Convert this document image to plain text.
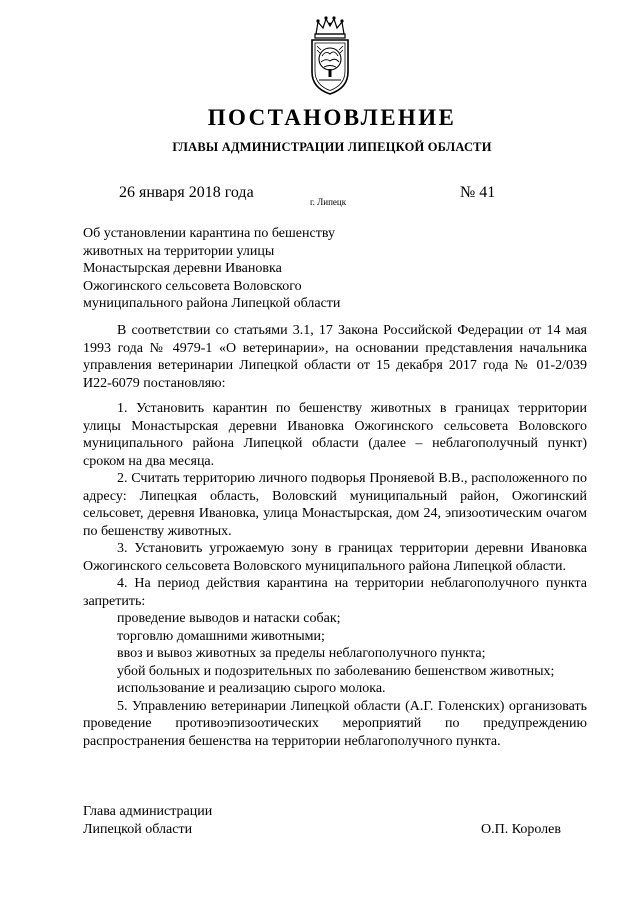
ПОСТАНОВЛЕНИЕ
ГЛАВЫ АДМИНИСТРАЦИИ ЛИПЕЦКОЙ ОБЛАСТИ
26 января 2018 года
г. Липецк
№ 41
Об установлении карантина по бешенству
животных на территории улицы
Монастырская деревни Ивановка
Ожогинского сельсовета Воловского
муниципального района Липецкой области

В соответствии со статьями 3.1, 17 Закона Российской Федерации от 14 мая 1993 года № 4979-1 «О ветеринарии», на основании представления начальника управления ветеринарии Липецкой области от 15 декабря 2017 года № 01-2/039 И22-6079 постановляю:

1. Установить карантин по бешенству животных в границах территории улицы Монастырская деревни Ивановка Ожогинского сельсовета Воловского муниципального района Липецкой области (далее – неблагополучный пункт) сроком на два месяца.

2. Считать территорию личного подворья Проняевой В.В., расположенного по адресу: Липецкая область, Воловский муниципальный район, Ожогинский сельсовет, деревня Ивановка, улица Монастырская, дом 24, эпизоотическим очагом по бешенству животных.

3. Установить угрожаемую зону в границах территории деревни Ивановка Ожогинского сельсовета Воловского муниципального района Липецкой области.

4. На период действия карантина на территории неблагополучного пункта запретить:

проведение выводов и натаски собак;

торговлю домашними животными;

ввоз и вывоз животных за пределы неблагополучного пункта;

убой больных и подозрительных по заболеванию бешенством животных;

использование и реализацию сырого молока.

5. Управлению ветеринарии Липецкой области (А.Г. Голенских) организовать проведение противоэпизоотических мероприятий по предупреждению распространения бешенства на территории неблагополучного пункта.

Глава администрации
Липецкой области	О.П. Королев
